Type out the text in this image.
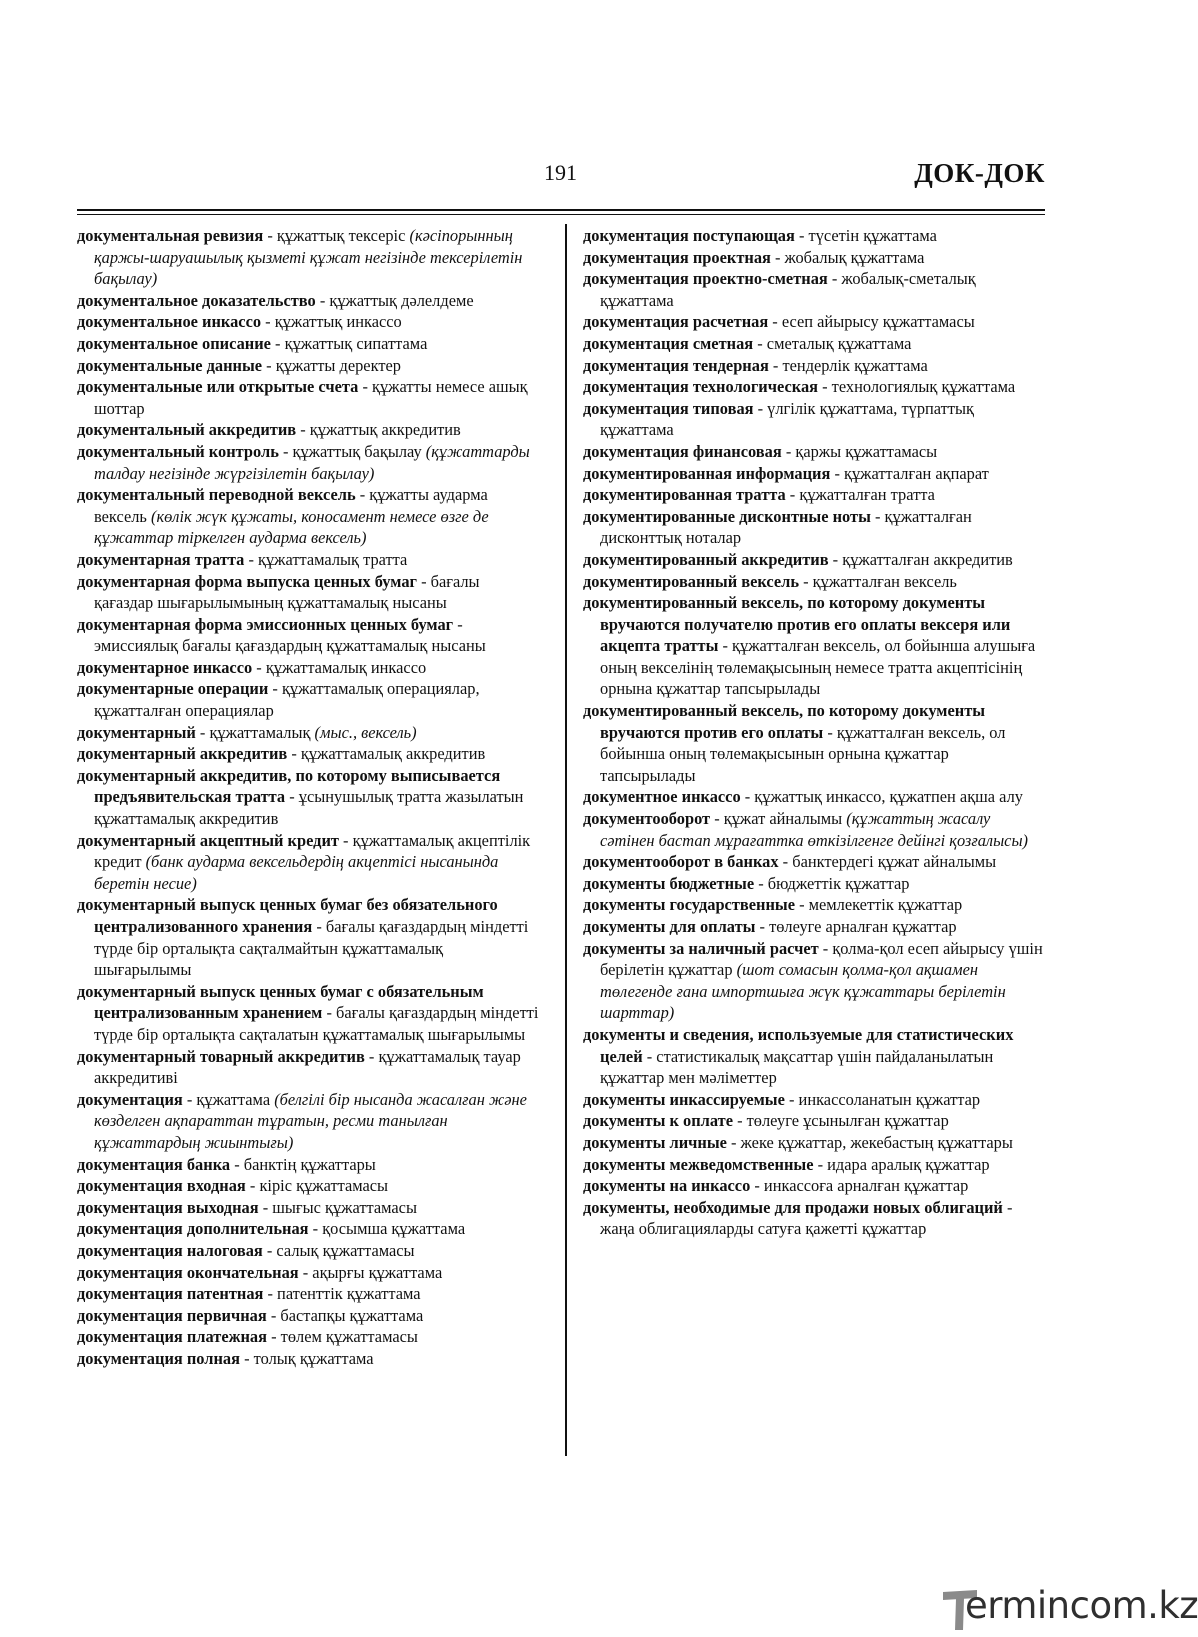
191	ДОК-ДОК

документальная ревизия - құжаттық тексеріс (кәсіпорынның қаржы-шаруашылық қызметі құжат негізінде тексерілетін бақылау)

документальное доказательство - құжаттық дәлелдеме

документальное инкассо - құжаттық инкассо

документальное описание - құжаттық сипаттама

документальные данные - құжатты деректер

документальные или открытые счета - құжатты немесе ашық шоттар

документальный аккредитив - құжаттық аккредитив

документальный контроль - құжаттық бақылау (құжаттарды талдау негізінде жүргізілетін бақылау)

документальный переводной вексель - құжатты аударма вексель (көлік жүк құжаты, коносамент немесе өзге де құжаттар тіркелген аударма вексель)

документарная тратта - құжаттамалық тратта

документарная форма выпуска ценных бумаг - бағалы қағаздар шығарылымының құжаттамалық нысаны

документарная форма эмиссионных ценных бумаг - эмиссиялық бағалы қағаздардың құжаттамалық нысаны

документарное инкассо - құжаттамалық инкассо

документарные операции - құжаттамалық операциялар, құжатталған операциялар

документарный - құжаттамалық (мыс., вексель)

документарный аккредитив - құжаттамалық аккредитив

документарный аккредитив, по которому выписывается предъявительская тратта - ұсынушылық тратта жазылатын құжаттамалық аккредитив

документарный акцептный кредит - құжаттамалық акцептілік кредит (банк аударма вексельдердің акцептісі нысанында беретін несие)

документарный выпуск ценных бумаг без обязательного централизованного хранения - бағалы қағаздардың міндетті түрде бір орталықта сақталмайтын құжаттамалық шығарылымы

документарный выпуск ценных бумаг с обязательным централизованным хранением - бағалы қағаздардың міндетті түрде бір орталықта сақталатын құжаттамалық шығарылымы

документарный товарный аккредитив - құжаттамалық тауар аккредитиві

документация - құжаттама (белгілі бір нысанда жасалған және көзделген ақпараттан тұратын, ресми танылған құжаттардың жиынтығы)

документация банка - банктің құжаттары

документация входная - кіріс құжаттамасы

документация выходная - шығыс құжаттамасы

документация дополнительная - қосымша құжаттама

документация налоговая - салық құжаттамасы

документация окончательная - ақырғы құжаттама

документация патентная - патенттік құжаттама

документация первичная - бастапқы құжаттама

документация платежная - төлем құжаттамасы

документация полная - толық құжаттама

документация поступающая - түсетін құжаттама

документация проектная - жобалық құжаттама

документация проектно-сметная - жобалық-сметалық құжаттама

документация расчетная - есеп айырысу құжаттамасы

документация сметная - сметалық құжаттама

документация тендерная - тендерлік құжаттама

документация технологическая - технологиялық құжаттама

документация типовая - үлгілік құжаттама, түрпаттық құжаттама

документация финансовая - қаржы құжаттамасы

документированная информация - құжатталған ақпарат

документированная тратта - құжатталған тратта

документированные дисконтные ноты - құжатталған дисконттық ноталар

документированный аккредитив - құжатталған аккредитив

документированный вексель - құжатталған вексель

документированный вексель, по которому документы вручаются получателю против его оплаты вексеря или акцепта тратты - құжатталған вексель, ол бойынша алушыға оның векселінің төлемақысының немесе тратта акцептісінің орнына құжаттар тапсырылады

документированный вексель, по которому документы вручаются против его оплаты - құжатталған вексель, ол бойынша оның төлемақысынын орнына құжаттар тапсырылады

документное инкассо - құжаттық инкассо, құжатпен ақша алу

документооборот - құжат айналымы (құжаттың жасалу сәтінен бастап мұрағаттка өткізілгенге дейінгі қозғалысы)

документооборот в банках - банктердегі құжат айналымы

документы бюджетные - бюджеттік құжаттар

документы государственные - мемлекеттік құжаттар

документы для оплаты - төлеуге арналған құжаттар

документы за наличный расчет - қолма-қол есеп айырысу үшін берілетін құжаттар (шот сомасын қолма-қол ақшамен төлегенде ғана импортшыға жүк құжаттары берілетін шарттар)

документы и сведения, используемые для статистических целей - статистикалық мақсаттар үшін пайдаланылатын құжаттар мен мәліметтер

документы инкассируемые - инкассоланатын құжаттар

документы к оплате - төлеуге ұсынылған құжаттар

документы личные - жеке құжаттар, жекебастың құжаттары

документы межведомственные - идара аралық құжаттар

документы на инкассо - инкассоға арналған құжаттар

документы, необходимые для продажи новых облигаций - жаңа облигацияларды сатуға қажетті құжаттар

ermincom.kz
